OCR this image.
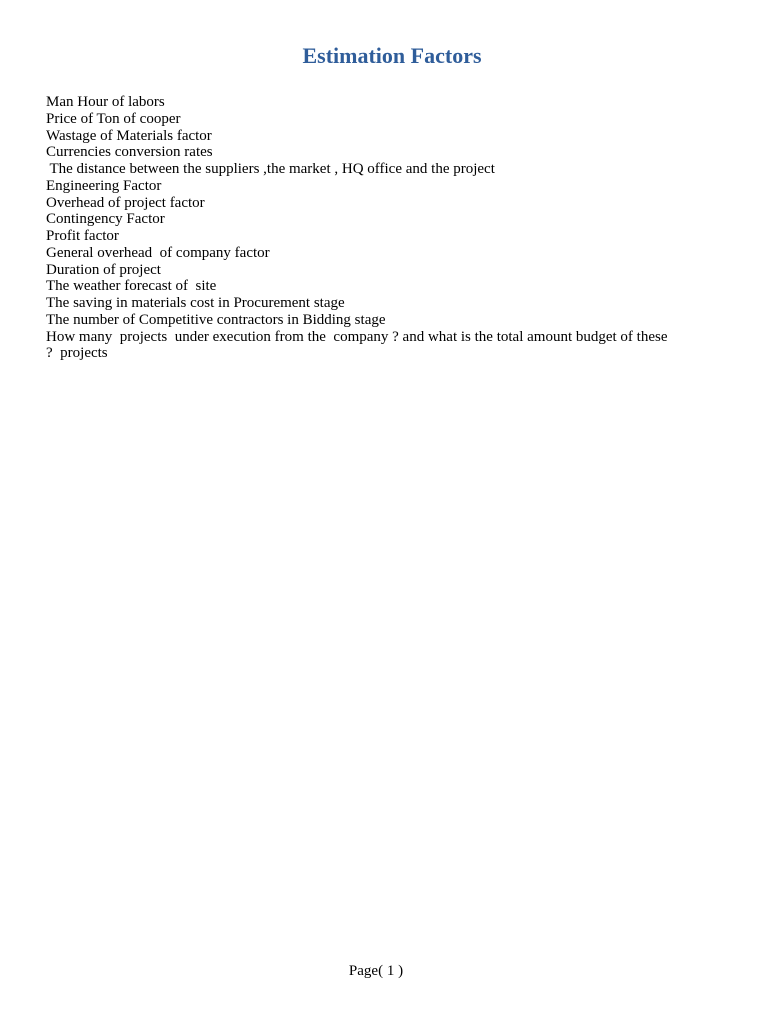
Estimation Factors
Man Hour of labors
Price of Ton of cooper
Wastage of Materials factor
Currencies conversion rates
The distance between the suppliers ,the market , HQ office and the project
Engineering Factor
Overhead of project factor
Contingency Factor
Profit factor
General overhead  of company factor
Duration of project
The weather forecast of  site
The saving in materials cost in Procurement stage
The number of Competitive contractors in Bidding stage
How many  projects  under execution from the  company ? and what is the total amount budget of these
?  projects
Page( 1 )
